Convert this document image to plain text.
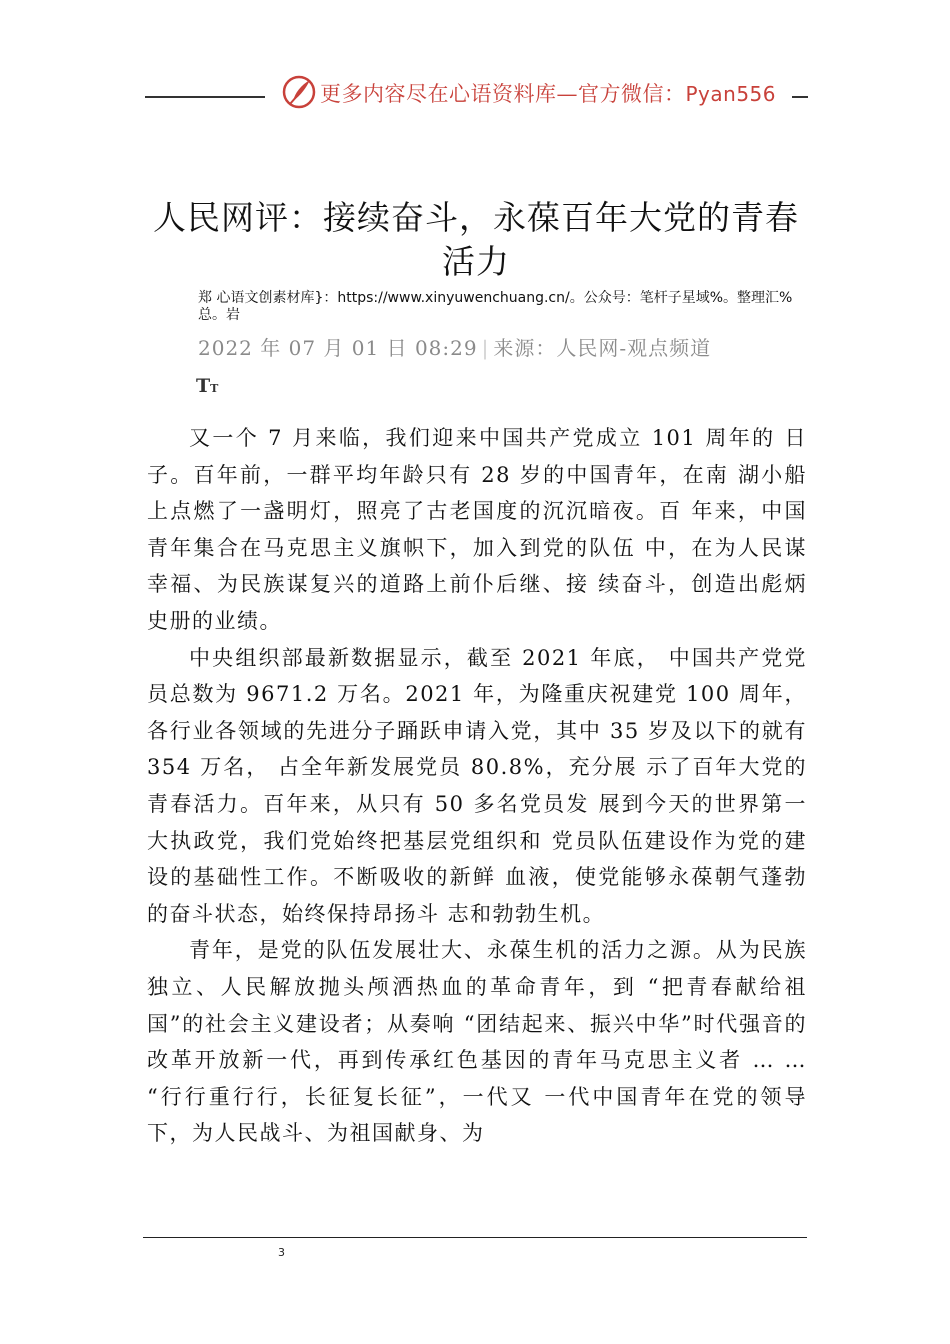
更多内容尽在心语资料库—官方微信：Pyan556
人民网评：接续奋斗，永葆百年大党的青春活力
郑 心语文创素材库}：https://www.xinyuwenchuang.cn/。公众号：笔杆子星域%。整理汇%总。岩
2022 年 07 月 01 日 08:29 | 来源：人民网-观点频道
TT

又一个 7 月来临，我们迎来中国共产党成立 101 周年的 日子。百年前，一群平均年龄只有 28 岁的中国青年，在南 湖小船上点燃了一盏明灯，照亮了古老国度的沉沉暗夜。百 年来，中国青年集合在马克思主义旗帜下，加入到党的队伍 中，在为人民谋幸福、为民族谋复兴的道路上前仆后继、接 续奋斗，创造出彪炳史册的业绩。

中央组织部最新数据显示，截至 2021 年底， 中国共产党党员总数为 9671.2 万名。2021 年，为隆重庆祝建党 100 周年，各行业各领域的先进分子踊跃申请入党，其中 35 岁及以下的就有 354 万名， 占全年新发展党员 80.8%，充分展 示了百年大党的青春活力。百年来，从只有 50 多名党员发 展到今天的世界第一大执政党，我们党始终把基层党组织和 党员队伍建设作为党的建设的基础性工作。不断吸收的新鲜 血液，使党能够永葆朝气蓬勃的奋斗状态，始终保持昂扬斗 志和勃勃生机。

青年，是党的队伍发展壮大、永葆生机的活力之源。从为民族独立、人民解放抛头颅洒热血的革命青年，到 “把青春献给祖国”的社会主义建设者；从奏响 “团结起来、振兴中华”时代强音的改革开放新一代，再到传承红色基因的青年马克思主义者 … … “行行重行行，长征复长征”，一代又 一代中国青年在党的领导下，为人民战斗、为祖国献身、为

3
